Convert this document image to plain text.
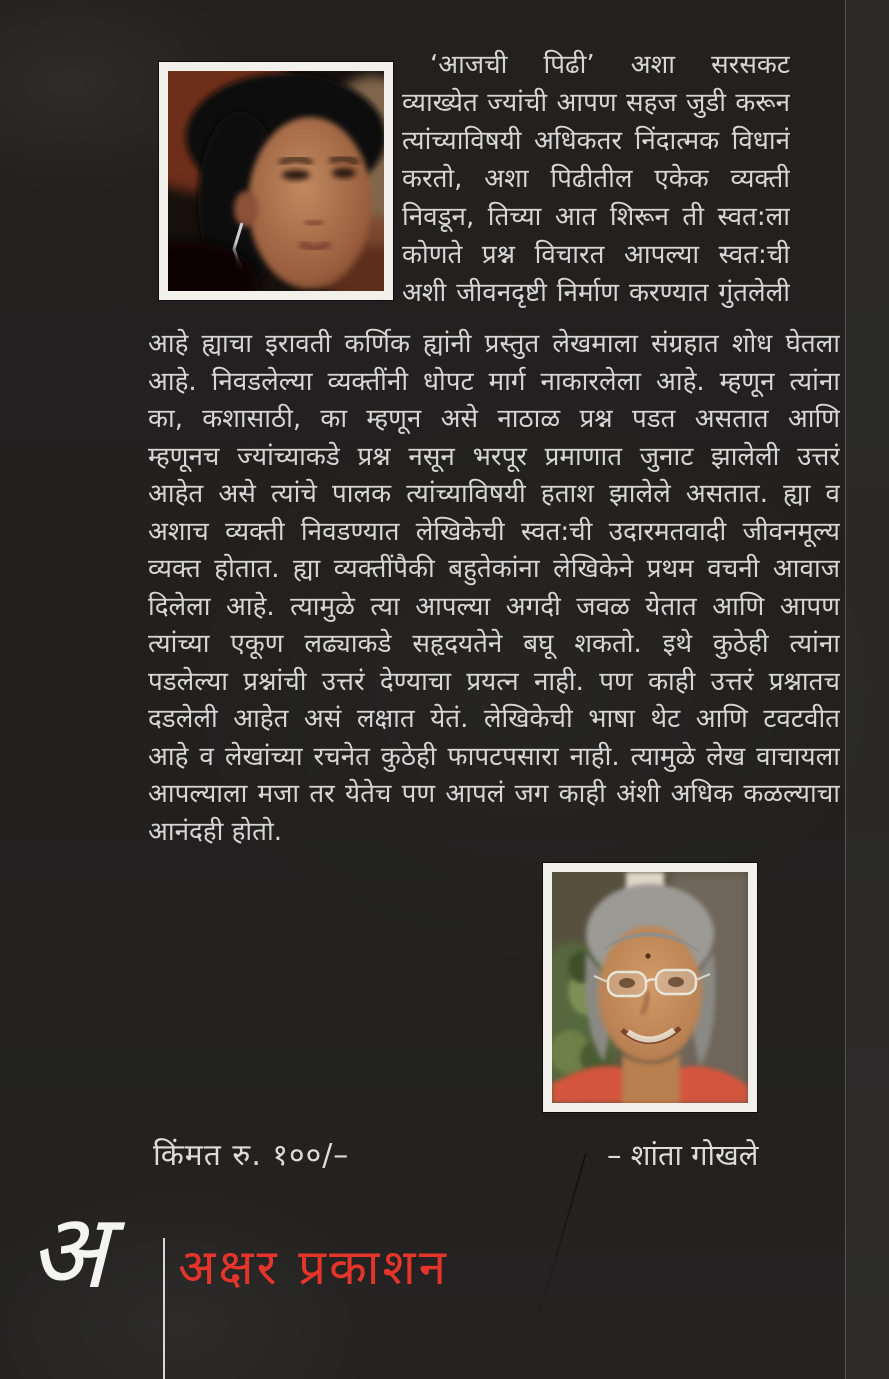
‘आजची पिढी’ अशा सरसकट
व्याख्येत ज्यांची आपण सहज जुडी करून
त्यांच्याविषयी अधिकतर निंदात्मक विधानं
करतो, अशा पिढीतील एकेक व्यक्ती
निवडून, तिच्या आत शिरून ती स्वत:ला
कोणते प्रश्न विचारत आपल्या स्वत:ची
अशी जीवनदृष्टी निर्माण करण्यात गुंतलेली
आहे ह्याचा इरावती कर्णिक ह्यांनी प्रस्तुत लेखमाला संग्रहात शोध घेतला
आहे. निवडलेल्या व्यक्तींनी धोपट मार्ग नाकारलेला आहे. म्हणून त्यांना
का, कशासाठी, का म्हणून असे नाठाळ प्रश्न पडत असतात आणि
म्हणूनच ज्यांच्याकडे प्रश्न नसून भरपूर प्रमाणात जुनाट झालेली उत्तरं
आहेत असे त्यांचे पालक त्यांच्याविषयी हताश झालेले असतात. ह्या व
अशाच व्यक्ती निवडण्यात लेखिकेची स्वत:ची उदारमतवादी जीवनमूल्य
व्यक्त होतात. ह्या व्यक्तींपैकी बहुतेकांना लेखिकेने प्रथम वचनी आवाज
दिलेला आहे. त्यामुळे त्या आपल्या अगदी जवळ येतात आणि आपण
त्यांच्या एकूण लढ्याकडे सहृदयतेने बघू शकतो. इथे कुठेही त्यांना
पडलेल्या प्रश्नांची उत्तरं देण्याचा प्रयत्न नाही. पण काही उत्तरं प्रश्नातच
दडलेली आहेत असं लक्षात येतं. लेखिकेची भाषा थेट आणि टवटवीत
आहे व लेखांच्या रचनेत कुठेही फापटपसारा नाही. त्यामुळे लेख वाचायला
आपल्याला मजा तर येतेच पण आपलं जग काही अंशी अधिक कळल्याचा
आनंदही होतो.
किंमत रु. १००/–	– शांता गोखले
अ अक्षर प्रकाशन
